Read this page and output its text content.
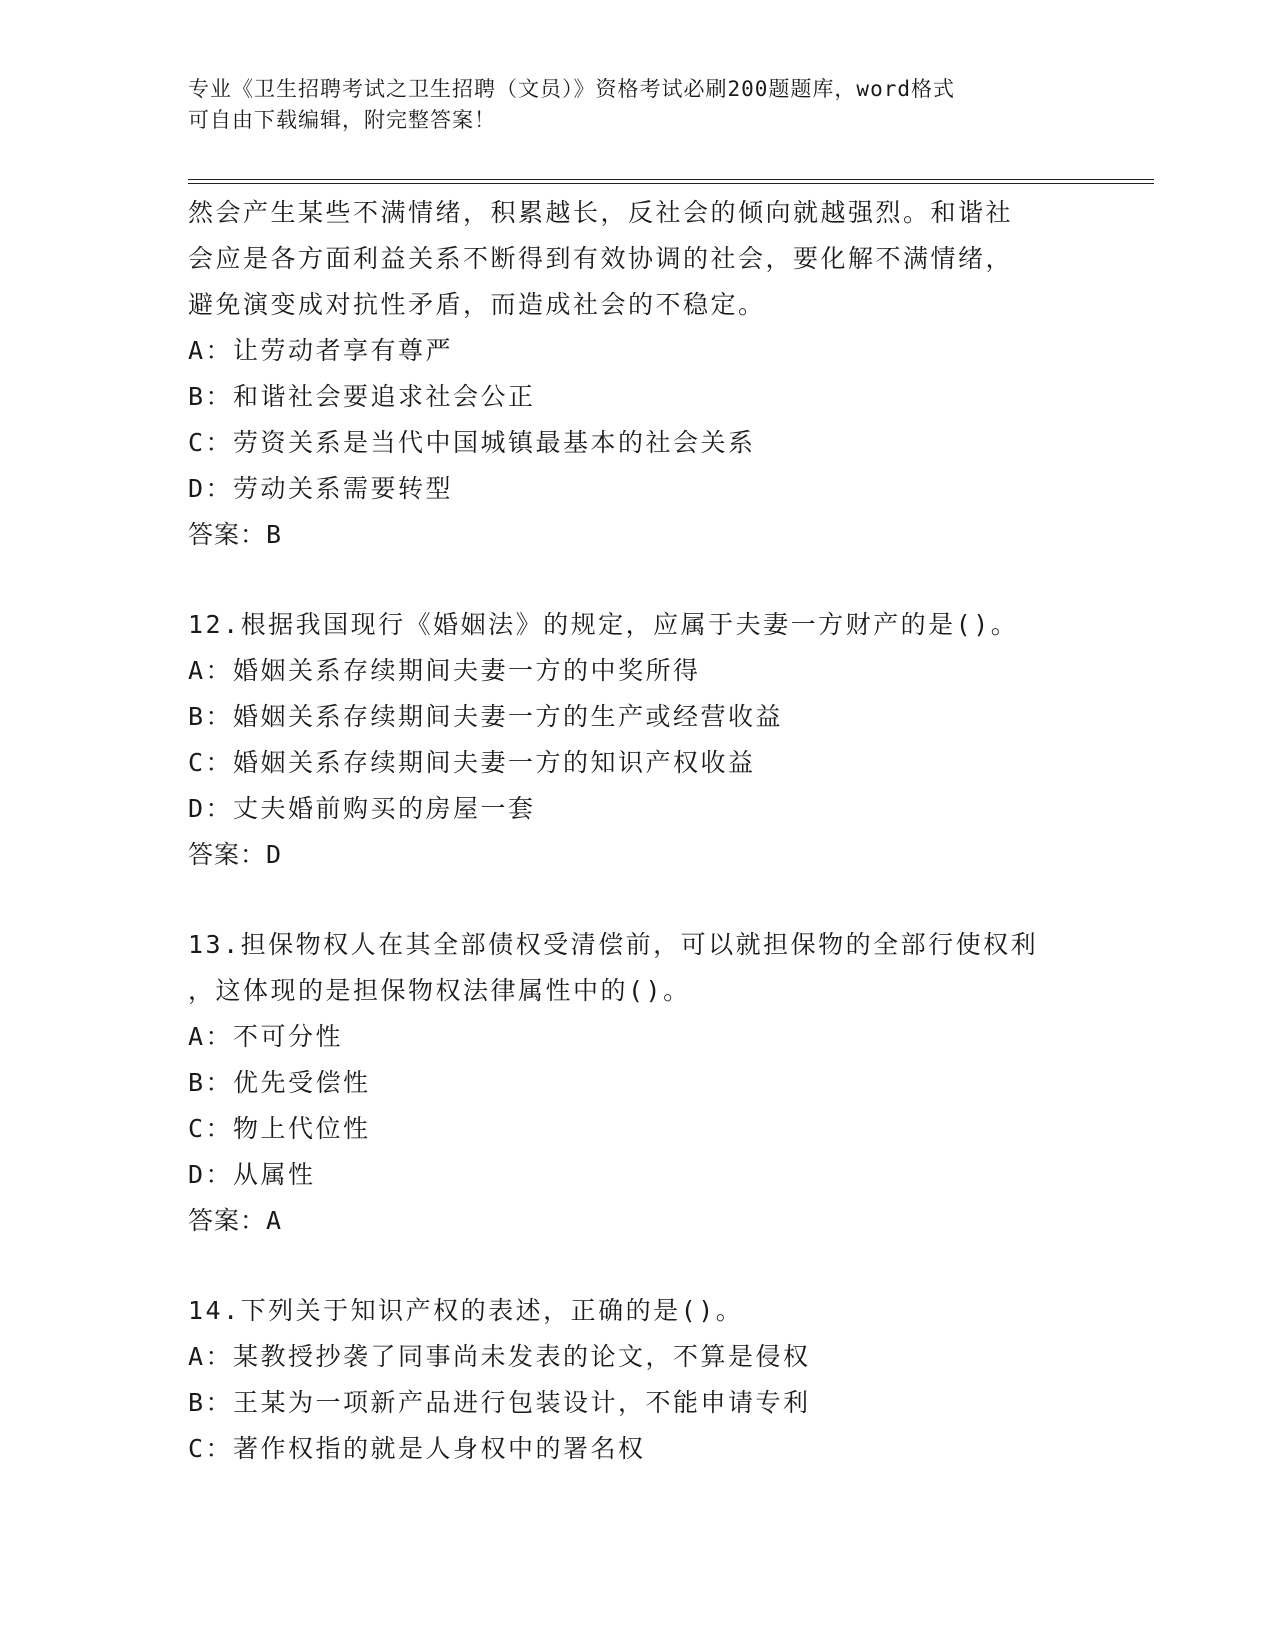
专业《卫生招聘考试之卫生招聘（文员）》资格考试必刷200题题库，word格式
可自由下载编辑，附完整答案！
然会产生某些不满情绪，积累越长，反社会的倾向就越强烈。和谐社
会应是各方面利益关系不断得到有效协调的社会，要化解不满情绪，
避免演变成对抗性矛盾，而造成社会的不稳定。
A：让劳动者享有尊严
B：和谐社会要追求社会公正
C：劳资关系是当代中国城镇最基本的社会关系
D：劳动关系需要转型
答案：B
12.根据我国现行《婚姻法》的规定，应属于夫妻一方财产的是()。
A：婚姻关系存续期间夫妻一方的中奖所得
B：婚姻关系存续期间夫妻一方的生产或经营收益
C：婚姻关系存续期间夫妻一方的知识产权收益
D：丈夫婚前购买的房屋一套
答案：D
13.担保物权人在其全部债权受清偿前，可以就担保物的全部行使权利
，这体现的是担保物权法律属性中的()。
A：不可分性
B：优先受偿性
C：物上代位性
D：从属性
答案：A
14.下列关于知识产权的表述，正确的是()。
A：某教授抄袭了同事尚未发表的论文，不算是侵权
B：王某为一项新产品进行包装设计，不能申请专利
C：著作权指的就是人身权中的署名权
